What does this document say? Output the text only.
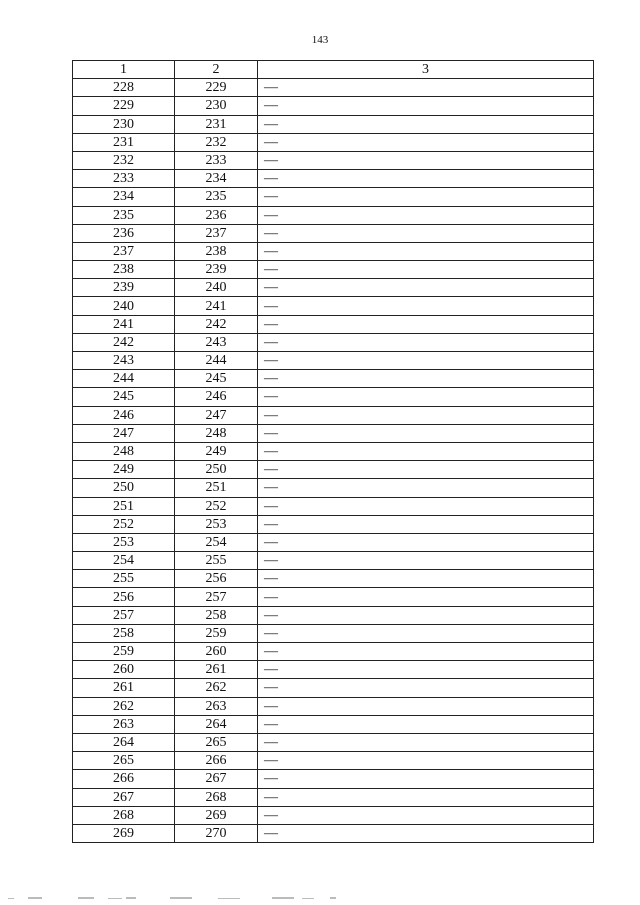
143
1	2	3
228	229	—
229	230	—
230	231	—
231	232	—
232	233	—
233	234	—
234	235	—
235	236	—
236	237	—
237	238	—
238	239	—
239	240	—
240	241	—
241	242	—
242	243	—
243	244	—
244	245	—
245	246	—
246	247	—
247	248	—
248	249	—
249	250	—
250	251	—
251	252	—
252	253	—
253	254	—
254	255	—
255	256	—
256	257	—
257	258	—
258	259	—
259	260	—
260	261	—
261	262	—
262	263	—
263	264	—
264	265	—
265	266	—
266	267	—
267	268	—
268	269	—
269	270	—
